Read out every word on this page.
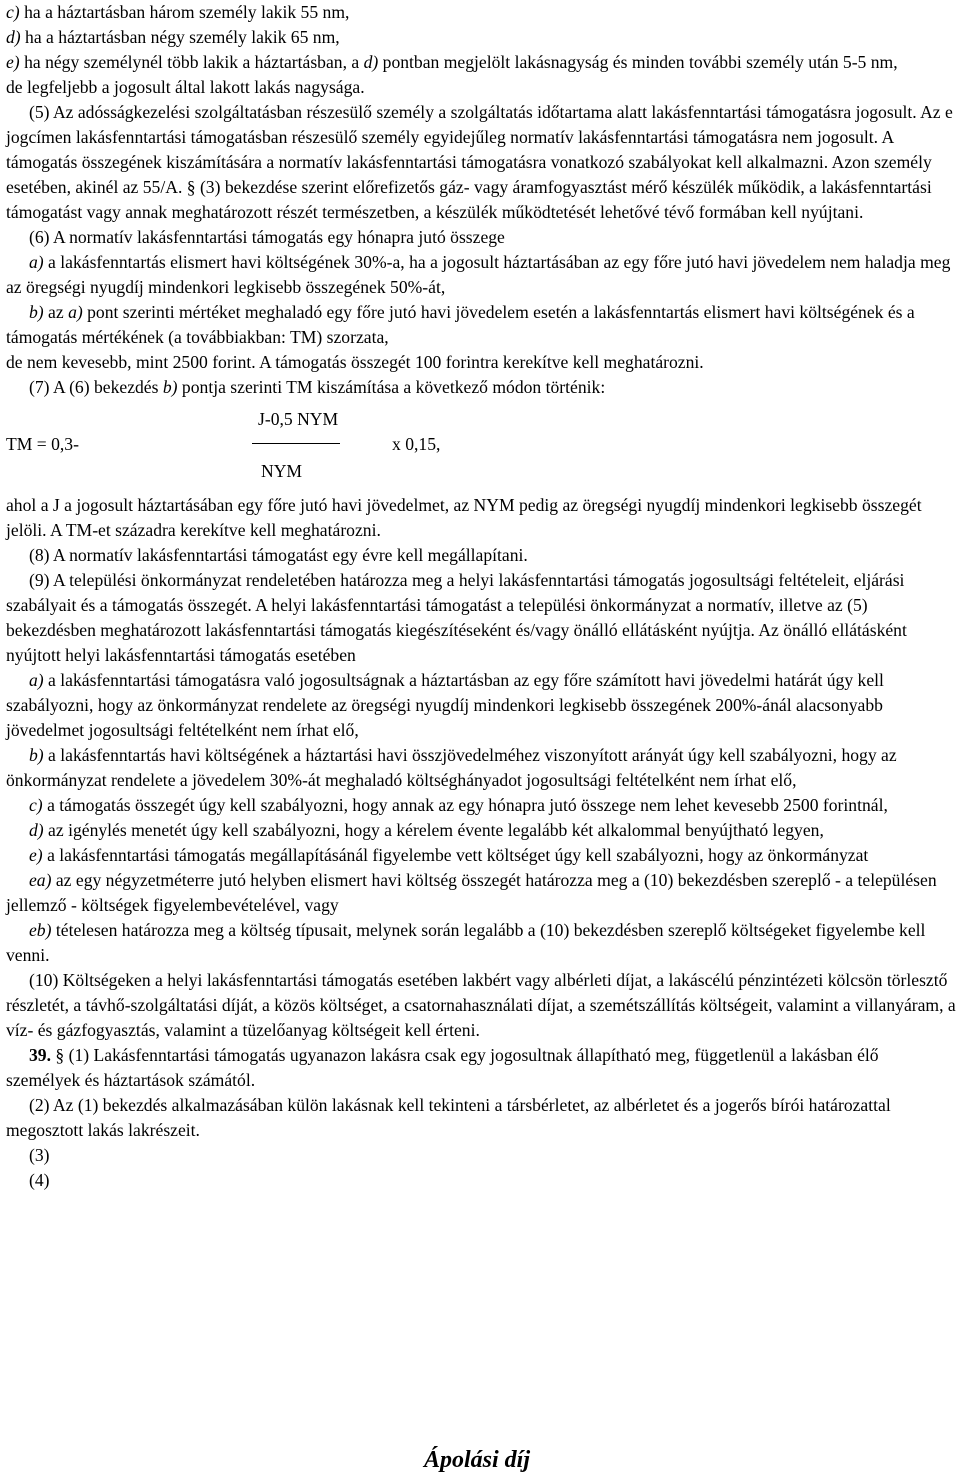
c) ha a háztartásban három személy lakik 55 nm,

d) ha a háztartásban négy személy lakik 65 nm,

e) ha négy személynél több lakik a háztartásban, a d) pontban megjelölt lakásnagyság és minden további személy után 5-5 nm,

de legfeljebb a jogosult által lakott lakás nagysága.

(5) Az adósságkezelési szolgáltatásban részesülő személy a szolgáltatás időtartama alatt lakásfenntartási támogatásra jogosult. Az e jogcímen lakásfenntartási támogatásban részesülő személy egyidejűleg normatív lakásfenntartási támogatásra nem jogosult. A támogatás összegének kiszámítására a normatív lakásfenntartási támogatásra vonatkozó szabályokat kell alkalmazni. Azon személy esetében, akinél az 55/A. § (3) bekezdése szerint előrefizetős gáz- vagy áramfogyasztást mérő készülék működik, a lakásfenntartási támogatást vagy annak meghatározott részét természetben, a készülék működtetését lehetővé tévő formában kell nyújtani.

(6) A normatív lakásfenntartási támogatás egy hónapra jutó összege

a) a lakásfenntartás elismert havi költségének 30%-a, ha a jogosult háztartásában az egy főre jutó havi jövedelem nem haladja meg az öregségi nyugdíj mindenkori legkisebb összegének 50%-át,

b) az a) pont szerinti mértéket meghaladó egy főre jutó havi jövedelem esetén a lakásfenntartás elismert havi költségének és a támogatás mértékének (a továbbiakban: TM) szorzata,

de nem kevesebb, mint 2500 forint. A támogatás összegét 100 forintra kerekítve kell meghatározni.

(7) A (6) bekezdés b) pontja szerinti TM kiszámítása a következő módon történik:

TM = 0,3-
J-0,5 NYM
NYM
x 0,15,

ahol a J a jogosult háztartásában egy főre jutó havi jövedelmet, az NYM pedig az öregségi nyugdíj mindenkori legkisebb összegét jelöli. A TM-et századra kerekítve kell meghatározni.

(8) A normatív lakásfenntartási támogatást egy évre kell megállapítani.

(9) A települési önkormányzat rendeletében határozza meg a helyi lakásfenntartási támogatás jogosultsági feltételeit, eljárási szabályait és a támogatás összegét. A helyi lakásfenntartási támogatást a települési önkormányzat a normatív, illetve az (5) bekezdésben meghatározott lakásfenntartási támogatás kiegészítéseként és/vagy önálló ellátásként nyújtja. Az önálló ellátásként nyújtott helyi lakásfenntartási támogatás esetében

a) a lakásfenntartási támogatásra való jogosultságnak a háztartásban az egy főre számított havi jövedelmi határát úgy kell szabályozni, hogy az önkormányzat rendelete az öregségi nyugdíj mindenkori legkisebb összegének 200%-ánál alacsonyabb jövedelmet jogosultsági feltételként nem írhat elő,

b) a lakásfenntartás havi költségének a háztartási havi összjövedelméhez viszonyított arányát úgy kell szabályozni, hogy az önkormányzat rendelete a jövedelem 30%-át meghaladó költséghányadot jogosultsági feltételként nem írhat elő,

c) a támogatás összegét úgy kell szabályozni, hogy annak az egy hónapra jutó összege nem lehet kevesebb 2500 forintnál,

d) az igénylés menetét úgy kell szabályozni, hogy a kérelem évente legalább két alkalommal benyújtható legyen,

e) a lakásfenntartási támogatás megállapításánál figyelembe vett költséget úgy kell szabályozni, hogy az önkormányzat

ea) az egy négyzetméterre jutó helyben elismert havi költség összegét határozza meg a (10) bekezdésben szereplő - a településen jellemző - költségek figyelembevételével, vagy

eb) tételesen határozza meg a költség típusait, melynek során legalább a (10) bekezdésben szereplő költségeket figyelembe kell venni.

(10) Költségeken a helyi lakásfenntartási támogatás esetében lakbért vagy albérleti díjat, a lakáscélú pénzintézeti kölcsön törlesztő részletét, a távhő-szolgáltatási díját, a közös költséget, a csatornahasználati díjat, a szemétszállítás költségeit, valamint a villanyáram, a víz- és gázfogyasztás, valamint a tüzelőanyag költségeit kell érteni.

39. § (1) Lakásfenntartási támogatás ugyanazon lakásra csak egy jogosultnak állapítható meg, függetlenül a lakásban élő személyek és háztartások számától.

(2) Az (1) bekezdés alkalmazásában külön lakásnak kell tekinteni a társbérletet, az albérletet és a jogerős bírói határozattal megosztott lakás lakrészeit.

(3)

(4)

Ápolási díj
